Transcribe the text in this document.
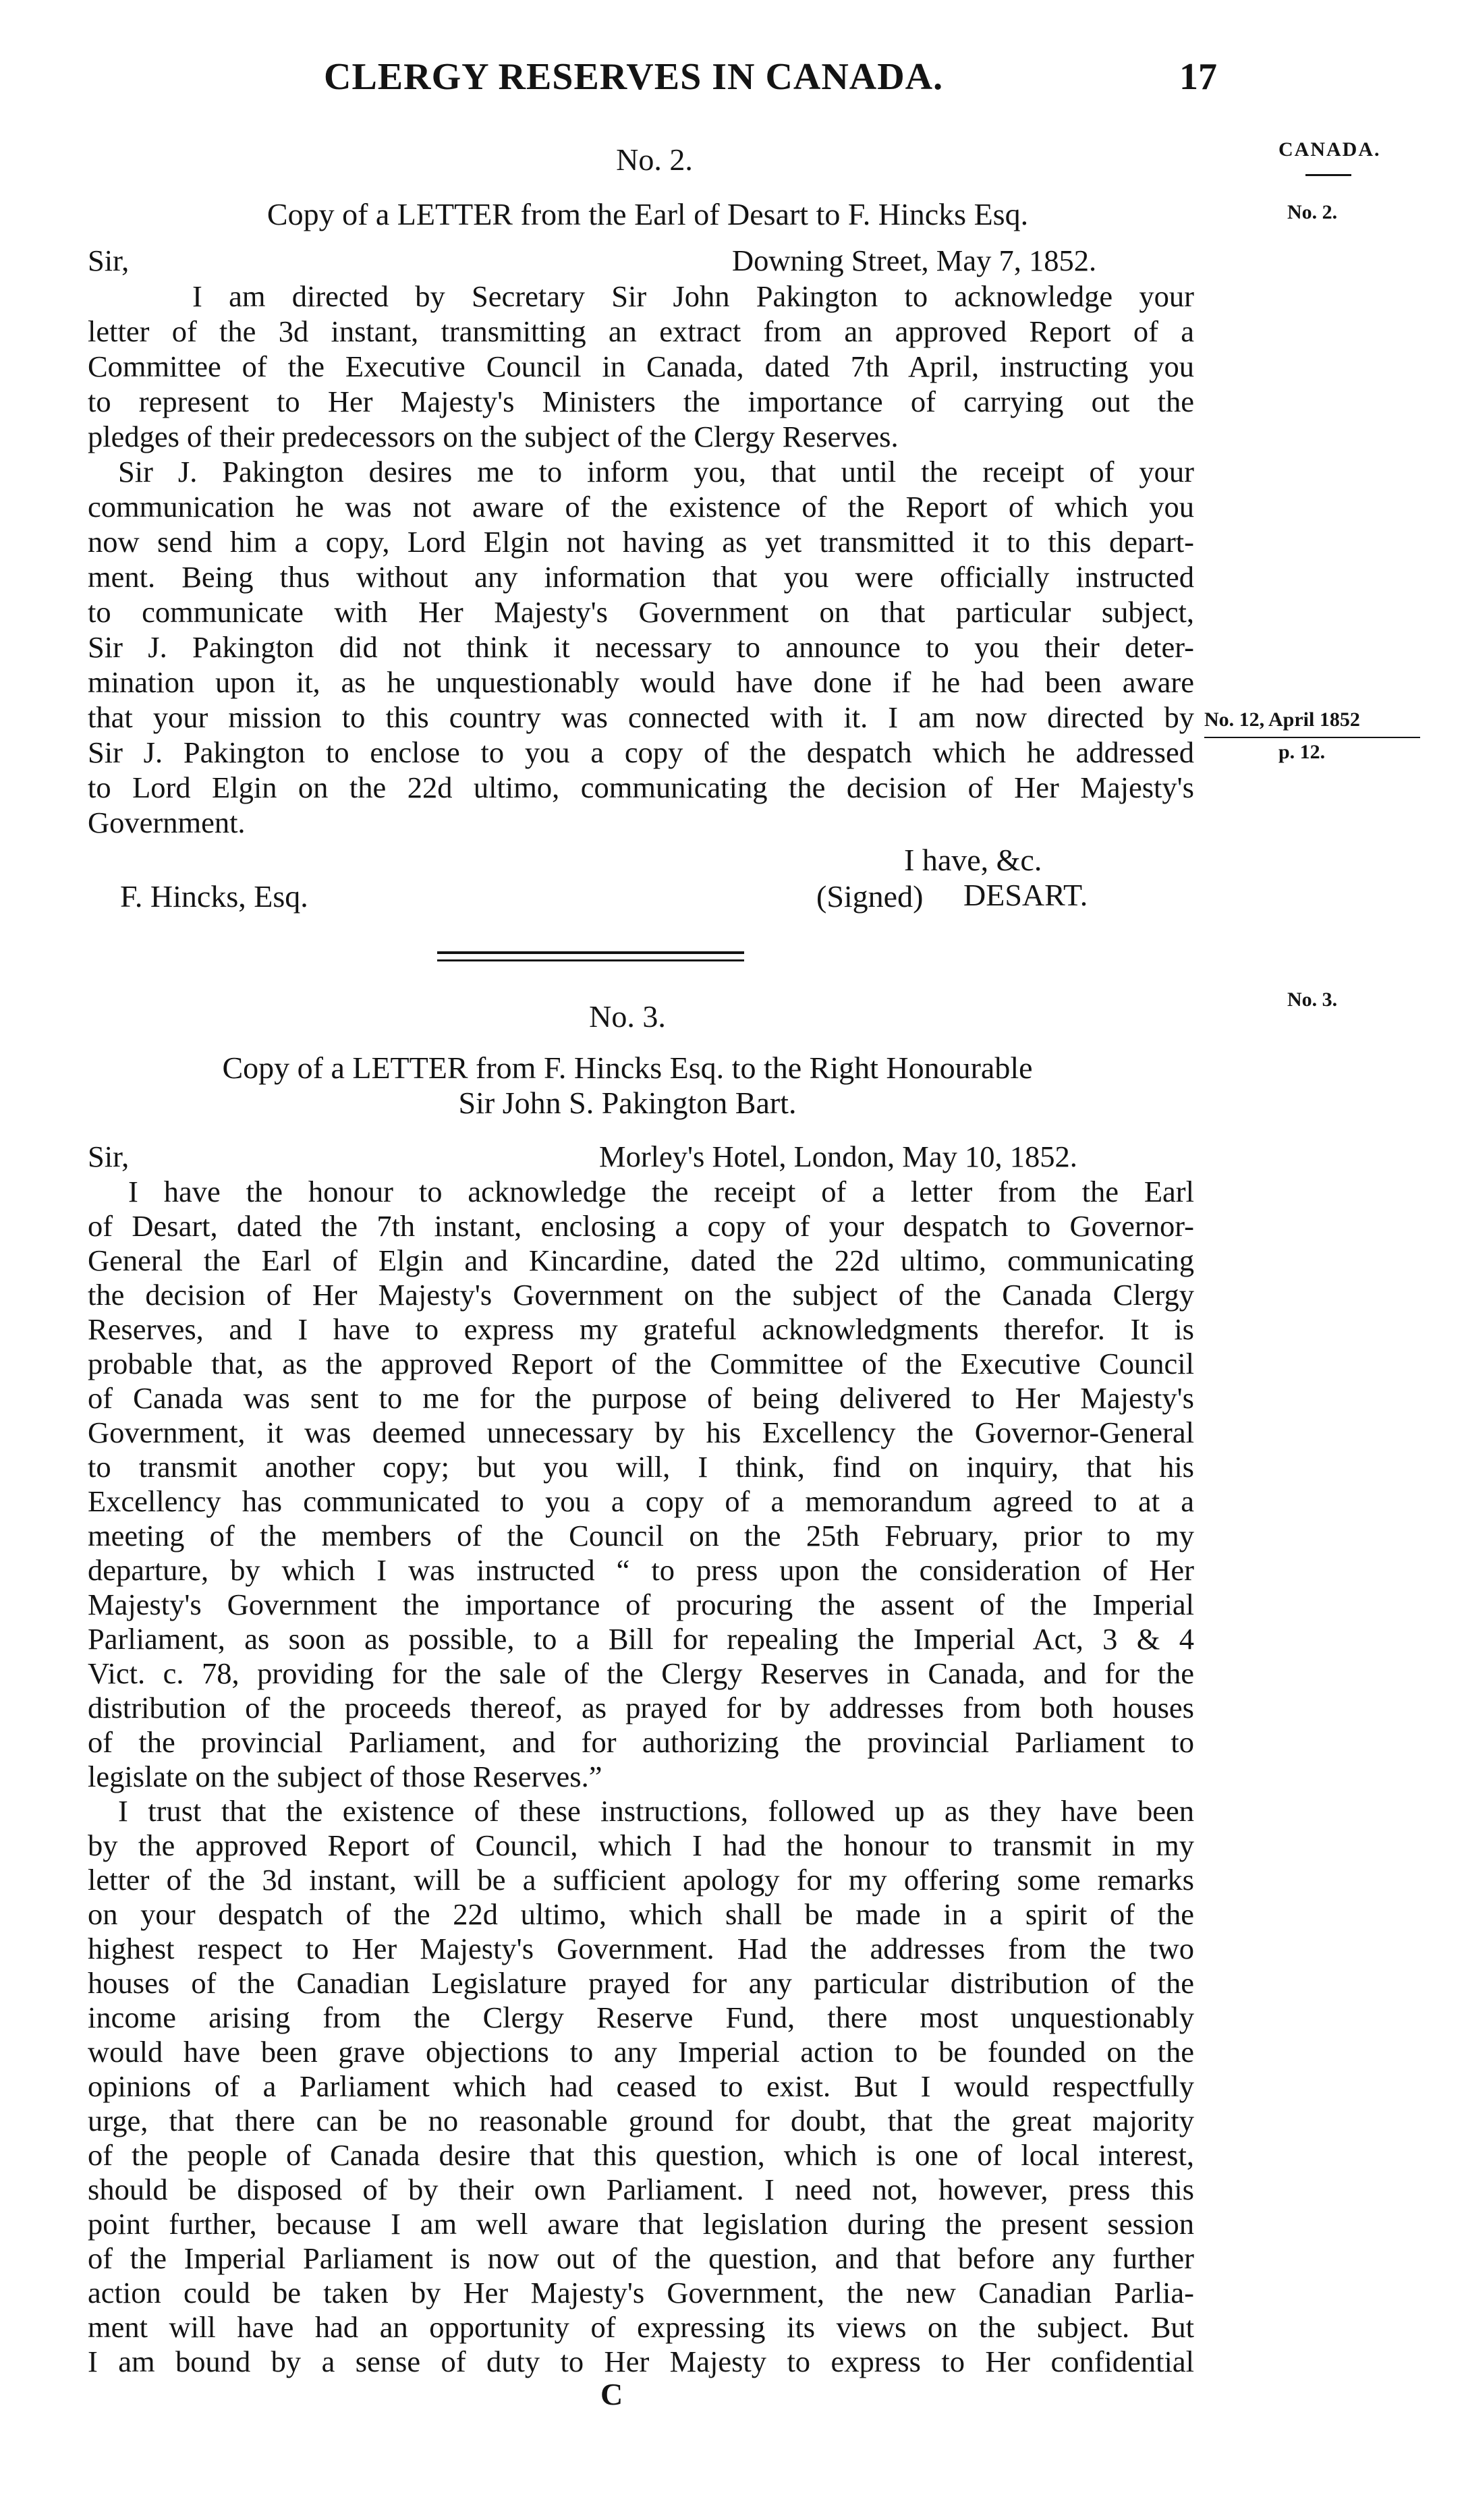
CLERGY RESERVES IN CANADA.	17
CANADA.
No. 2.
No. 12, April 1852
p. 12.
No. 3.
No. 2.
Copy of a LETTER from the Earl of Desart to F. Hincks Esq.
Sir,	Downing Street, May 7, 1852.
I am directed by Secretary Sir John Pakington to acknowledge your
letter of the 3d instant, transmitting an extract from an approved Report of a
Committee of the Executive Council in Canada, dated 7th April, instructing you
to represent to Her Majesty's Ministers the importance of carrying out the
pledges of their predecessors on the subject of the Clergy Reserves.
Sir J. Pakington desires me to inform you, that until the receipt of your
communication he was not aware of the existence of the Report of which you
now send him a copy, Lord Elgin not having as yet transmitted it to this depart-
ment. Being thus without any information that you were officially instructed
to communicate with Her Majesty's Government on that particular subject,
Sir J. Pakington did not think it necessary to announce to you their deter-
mination upon it, as he unquestionably would have done if he had been aware
that your mission to this country was connected with it. I am now directed by
Sir J. Pakington to enclose to you a copy of the despatch which he addressed
to Lord Elgin on the 22d ultimo, communicating the decision of Her Majesty's
Government.
I have, &c.
F. Hincks, Esq.	(Signed) DESART.
No. 3.
Copy of a LETTER from F. Hincks Esq. to the Right Honourable
Sir John S. Pakington Bart.
Sir,	Morley's Hotel, London, May 10, 1852.
I have the honour to acknowledge the receipt of a letter from the Earl
of Desart, dated the 7th instant, enclosing a copy of your despatch to Governor-
General the Earl of Elgin and Kincardine, dated the 22d ultimo, communicating
the decision of Her Majesty's Government on the subject of the Canada Clergy
Reserves, and I have to express my grateful acknowledgments therefor. It is
probable that, as the approved Report of the Committee of the Executive Council
of Canada was sent to me for the purpose of being delivered to Her Majesty's
Government, it was deemed unnecessary by his Excellency the Governor-General
to transmit another copy; but you will, I think, find on inquiry, that his
Excellency has communicated to you a copy of a memorandum agreed to at a
meeting of the members of the Council on the 25th February, prior to my
departure, by which I was instructed “ to press upon the consideration of Her
Majesty's Government the importance of procuring the assent of the Imperial
Parliament, as soon as possible, to a Bill for repealing the Imperial Act, 3 & 4
Vict. c. 78, providing for the sale of the Clergy Reserves in Canada, and for the
distribution of the proceeds thereof, as prayed for by addresses from both houses
of the provincial Parliament, and for authorizing the provincial Parliament to
legislate on the subject of those Reserves.”
I trust that the existence of these instructions, followed up as they have been
by the approved Report of Council, which I had the honour to transmit in my
letter of the 3d instant, will be a sufficient apology for my offering some remarks
on your despatch of the 22d ultimo, which shall be made in a spirit of the
highest respect to Her Majesty's Government. Had the addresses from the two
houses of the Canadian Legislature prayed for any particular distribution of the
income arising from the Clergy Reserve Fund, there most unquestionably
would have been grave objections to any Imperial action to be founded on the
opinions of a Parliament which had ceased to exist. But I would respectfully
urge, that there can be no reasonable ground for doubt, that the great majority
of the people of Canada desire that this question, which is one of local interest,
should be disposed of by their own Parliament. I need not, however, press this
point further, because I am well aware that legislation during the present session
of the Imperial Parliament is now out of the question, and that before any further
action could be taken by Her Majesty's Government, the new Canadian Parlia-
ment will have had an opportunity of expressing its views on the subject. But
I am bound by a sense of duty to Her Majesty to express to Her confidential
C
